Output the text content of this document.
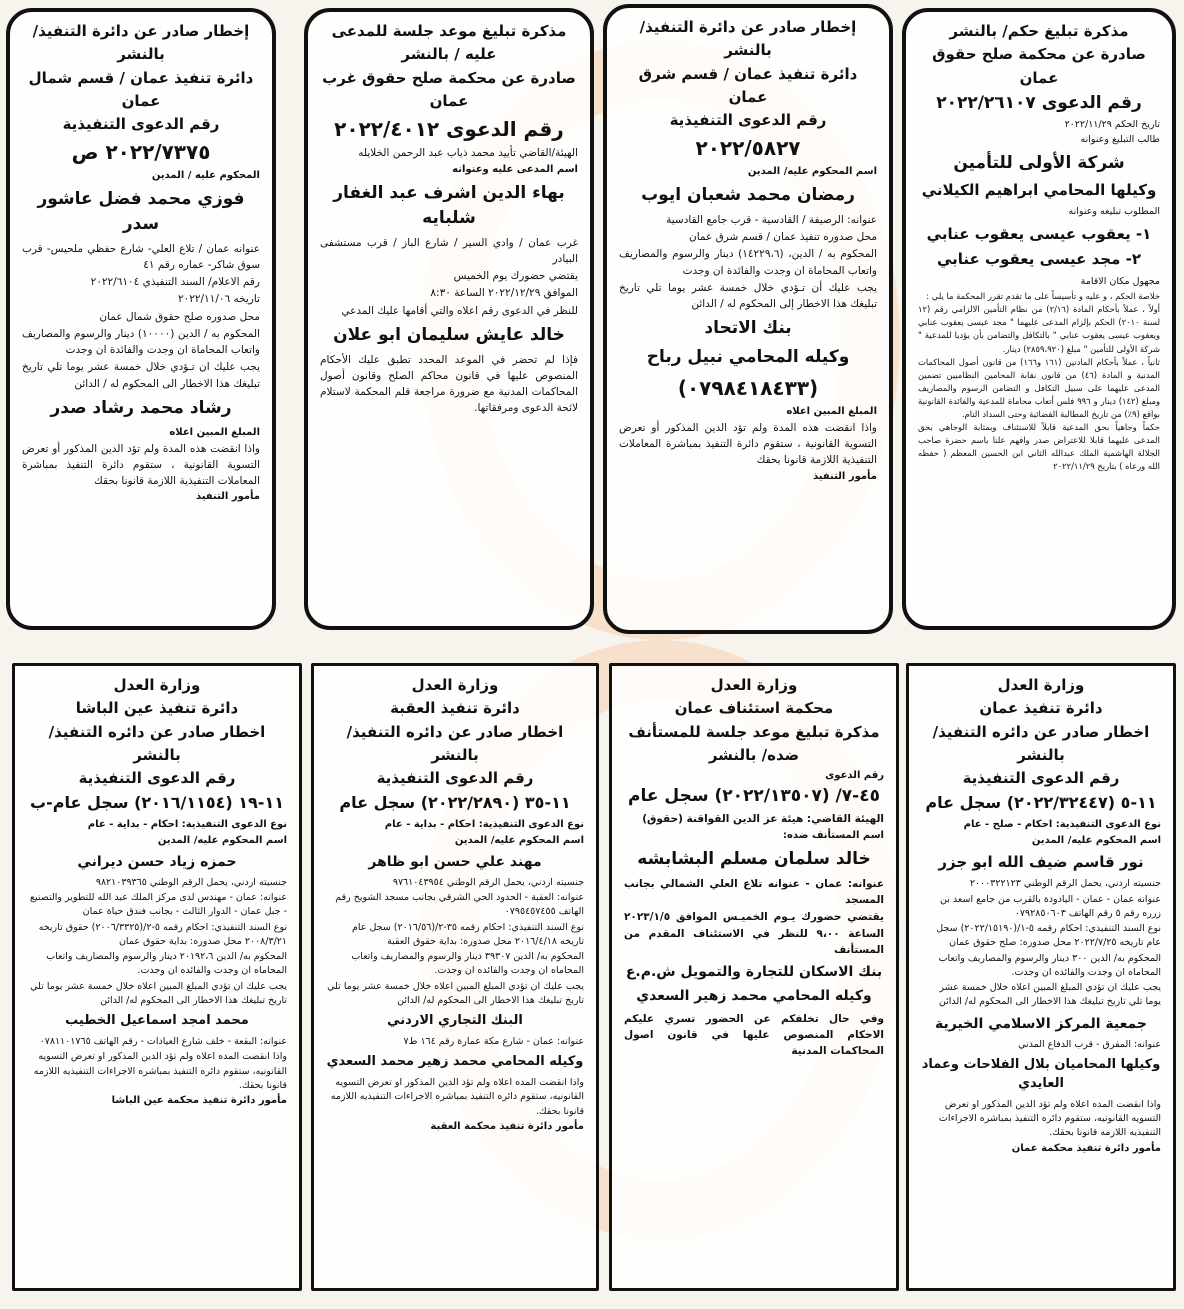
مذكرة تبليغ حكم/ بالنشر

صادرة عن محكمة صلح حقوق عمان

رقم الدعوى ٢٠٢٢/٢٦١٠٧

تاريخ الحكم ٢٠٢٢/١١/٢٩

طالب التبليغ وعنوانه

شركة الأولى للتأمين

وكيلها المحامي ابراهيم الكيلاني

المطلوب تبليغه وعنوانه

١- يعقوب عيسى يعقوب عنابي

٢- مجد عيسى يعقوب عنابي

مجهول مكان الاقامة

خلاصة الحكم ، و عليه و تأسيساً على ما تقدم تقرر المحكمة ما يلي :
أولاً ، عملاً بأحكام المادة (٢/١٦) من نظام التأمين الالزامي رقم (١٢ لسنة ٢٠١٠) الحكم بإلزام المدعى عليهما " مجد عيسى يعقوب عنابي ويعقوب عيسى يعقوب عنابي " بالتكافل والتضامن بأن يؤديا للمدعية " شركة الأولى للتأمين " مبلغ (٢٨٥٩،٩٢٠) دينار.
ثانياً ، عملاً بأحكام المادتين (١٦١ و١٦٦) من قانون أصول المحاكمات المدنية و المادة (٤٦) من قانون نقابة المحامين النظاميين تضمين المدعى عليهما على سبيل التكافل و التضامن الرسوم والمصاريف ومبلغ (١٤٢) دينار و ٩٩٦ فلس أتعاب محاماة للمدعية والفائدة القانونية بواقع (٩٪) من تاريخ المطالبة القضائية وحتى السداد التام.
حكماً وجاهياً بحق المدعية قابلاً للاستئناف وبمثابة الوجاهي بحق المدعى عليهما قابلا للاعتراض صدر وافهم علنا باسم حضرة صاحب الجلالة الهاشمية الملك عبدالله الثاني ابن الحسين المعظم ( حفظه الله ورعاه ) بتاريخ ٢٠٢٢/١١/٢٩

إخطار صادر عن دائرة التنفيذ/ بالنشر

دائرة تنفيذ عمان / قسم شرق عمان

رقم الدعوى التنفيذية

٢٠٢٢/٥٨٢٧

اسم المحكوم عليه/ المدين

رمضان محمد شعبان ايوب

عنوانه: الرصيفة / القادسية - قرب جامع القادسية

محل صدوره تنفيذ عمان / قسم شرق عمان

المحكوم به / الدين، (١٤٢٢٩،٦) دينار والرسوم والمصاريف واتعاب المحاماة ان وجدت والفائدة ان وجدت

يجب عليك أن تـؤدي خلال خمسة عشر يوما تلي تاريخ تبليغك هذا الاخطار إلى المحكوم له / الدائن

بنك الاتحاد

وكيله المحامي نبيل رباح

(٠٧٩٨٤١٨٤٣٣)

المبلغ المبين اعلاه

واذا انقضت هذه المدة ولم تؤد الدين المذكور أو تعرض التسوية القانونية ، ستقوم دائرة التنفيذ بمباشرة المعاملات التنفيذية اللازمة قانونا بحقك

مأمور التنفيذ

مذكرة تبليغ موعد جلسة للمدعى عليه / بالنشر

صادرة عن محكمة صلح حقوق غرب عمان

رقم الدعوى ٢٠٢٢/٤٠١٢

الهيئة/القاضي تأييد محمد ذياب عبد الرحمن الخلايله

اسم المدعى عليه وعنوانه

بهاء الدين اشرف عبد الغفار شلبايه

غرب عمان / وادي السير / شارع الباز / قرب مستشفى البيادر

يقتضي حضورك يوم الخميس

الموافق ٢٠٢٢/١٢/٢٩ الساعة ٨:٣٠

للنظر في الدعوى رقم اعلاه والتي أقامها عليك المدعي

خالد عايش سليمان ابو علان

فإذا لم تحضر في الموعد المحدد تطبق عليك الأحكام المنصوص عليها في قانون محاكم الصلح وقانون أصول المحاكمات المدنية مع ضرورة مراجعة قلم المحكمة لاستلام لائحة الدعوى ومرفقاتها.

إخطار صادر عن دائرة التنفيذ/ بالنشر

دائرة تنفيذ عمان / قسم شمال عمان

رقم الدعوى التنفيذية

٢٠٢٢/٧٣٧٥ ص

المحكوم عليه / المدين

فوزي محمد فضل عاشور سدر

عنوانه عمان / تلاع العلي- شارع حفظي ملحيس- قرب سوق شاكر- عماره رقم ٤١

رقم الاعلام/ السند التنفيذي ٢٠٢٢/٦١٠٤

تاريخه ٢٠٢٢/١١/٠٦

محل صدوره صلح حقوق شمال عمان

المحكوم به / الدين (١٠٠٠٠) دينار والرسوم والمصاريف واتعاب المحاماة ان وجدت والفائدة ان وجدت

يجب عليك ان تـؤدي خلال خمسة عشر يوما تلي تاريخ تبليغك هذا الاخطار الى المحكوم له / الدائن

رشاد محمد رشاد صدر

المبلغ المبين اعلاه

واذا انقضت هذه المدة ولم تؤد الدين المذكور أو تعرض التسوية القانونية ، ستقوم دائرة التنفيذ بمباشرة المعاملات التنفيذية اللازمة قانونا بحقك

مأمور التنفيذ

وزارة العدل

دائرة تنفيذ عمان

اخطار صادر عن دائره التنفيذ/ بالنشر

رقم الدعوى التنفيذية

١١-٥ (٢٠٢٢/٣٢٤٤٧) سجل عام

نوع الدعوى التنفيذية: احكام - صلح - عام

اسم المحكوم عليه/ المدين

نور قاسم ضيف الله ابو جزر

جنسيته اردني، يحمل الرقم الوطني ٢٠٠٠٣٢٢١٢٣

عنوانه عمان - عمان - اليادودة بالقرب من جامع اسعد بن زرره رقم ٥ رقم الهاتف ٠٧٩٢٨٥٠٦٠٣

نوع السند التنفيذي: احكام رقمه ٥-١/(٢٠٢٢/١٥١٩٠) سجل عام تاريخه ٢٠٢٢/٧/٢٥ محل صدوره: صلح حقوق عمان

المحكوم به/ الدين ٣٠٠ دينار والرسوم والمصاريف واتعاب المحاماه ان وجدت والفائده ان وجدت.

يجب عليك ان تؤدي المبلغ المبين اعلاه خلال خمسة عشر يوما تلي تاريخ تبليغك هذا الاخطار الى المحكوم له/ الدائن

جمعية المركز الاسلامي الخيرية

عنوانه: المفرق - قرب الدفاع المدني

وكيلها المحاميان بلال الفلاحات وعماد العايدي

واذا انقضت المده اعلاه ولم تؤد الدين المذكور او تعرض التسويه القانونيه، ستقوم دائره التنفيذ بمباشره الاجراءات التنفيذيه اللازمه قانونا بحقك.

مأمور دائرة تنفيذ محكمة عمان

وزارة العدل

محكمة استئناف عمان

مذكرة تبليغ موعد جلسة للمستأنف ضده/ بالنشر

رقم الدعوى

٤٥-٧/ (٢٠٢٢/١٣٥٠٧) سجل عام

الهيئة القاضي: هيئة عز الدين القواقنة (حقوق)

اسم المستأنف ضده:

خالد سلمان مسلم البشابشه

عنوانه: عمان - عنوانه تلاع العلي الشمالي بجانب المسجد

يقتضي حضورك يـوم الخميـس الموافق ٢٠٢٣/١/٥ الساعة ٩،٠٠ للنظر في الاستئناف المقدم من المستأنف

بنك الاسكان للتجارة والتمويل ش.م.ع

وكيله المحامي محمد زهير السعدي

وفي حال تخلفكم عن الحضور تسري عليكم الاحكام المنصوص عليها في قانون اصول المحاكمات المدنية

وزارة العدل

دائرة تنفيذ العقبة

اخطار صادر عن دائره التنفيذ/ بالنشر

رقم الدعوى التنفيذية

١١-٣٥ (٢٠٢٢/٢٨٩٠) سجل عام

نوع الدعوى التنفيذية: احكام - بداية - عام

اسم المحكوم عليه/ المدين

مهند علي حسن ابو ظاهر

جنسيته اردني، يحمل الرقم الوطني ٩٧٦١٠٤٣٩٥٤

عنوانه: العقبة - الحدود الحي الشرقي بجانب مسجد الشويخ رقم الهاتف ٠٧٩٥٤٥٧٤٥٥

نوع السند التنفيذي: احكام رقمه ٣٥-٢/(٢٠١٦/٥٦) سجل عام تاريخه ٢٠١٦/٤/١٨ محل صدوره: بداية حقوق العقبة

المحكوم به/ الدين ٣٩٣٠٧ دينار والرسوم والمصاريف واتعاب المحاماه ان وجدت والفائده ان وجدت.

يجب عليك ان تؤدي المبلغ المبين اعلاه خلال خمسة عشر يوما تلي تاريخ تبليغك هذا الاخطار الى المحكوم له/ الدائن

البنك التجاري الاردني

عنوانه: عمان - شارع مكة عمارة رقم ١٦٤ ط٧

وكيله المحامي محمد زهير محمد السعدي

واذا انقضت المده اعلاه ولم تؤد الدين المذكور او تعرض التسويه القانونيه، ستقوم دائره التنفيذ بمباشره الاجراءات التنفيذيه اللازمه قانونا بحقك.

مأمور دائرة تنفيذ محكمة العقبة

وزارة العدل

دائرة تنفيذ عين الباشا

اخطار صادر عن دائره التنفيذ/ بالنشر

رقم الدعوى التنفيذية

١١-١٩ (٢٠١٦/١١٥٤) سجل عام-ب

نوع الدعوى التنفيذية: احكام - بداية - عام

اسم المحكوم عليه/ المدين

حمزه زياد حسن ديراني

جنسيته اردني، يحمل الرقم الوطني ٩٨٢١٠٣٩٣٦٥

عنوانه: عمان - مهندس لدى مركز الملك عبد الله للتطوير والتصنيع - جبل عمان - الدوار الثالث - بجانب فندق حياة عمان

نوع السند التنفيذي: احكام رقمه ٥-٢/(٢٠٠٦/٣٣٢٥) حقوق تاريخه ٢٠٠٨/٣/٢١ محل صدوره: بداية حقوق عمان

المحكوم به/ الدين ٢٠١٩٢،٦ دينار والرسوم والمصاريف واتعاب المحاماه ان وجدت والفائده ان وجدت.

يجب عليك ان تؤدي المبلغ المبين اعلاه خلال خمسة عشر يوما تلي تاريخ تبليغك هذا الاخطار الى المحكوم له/ الدائن

محمد امجد اسماعيل الخطيب

عنوانه: البقعة - خلف شارع العيادات - رقم الهاتف ٠٧٨١١٠١٧٦٥

واذا انقضت المده اعلاه ولم تؤد الدين المذكور او تعرض التسويه القانونيه، ستقوم دائره التنفيذ بمباشره الاجراءات التنفيذيه اللازمه قانونا بحقك.

مأمور دائرة تنفيذ محكمة عين الباشا
